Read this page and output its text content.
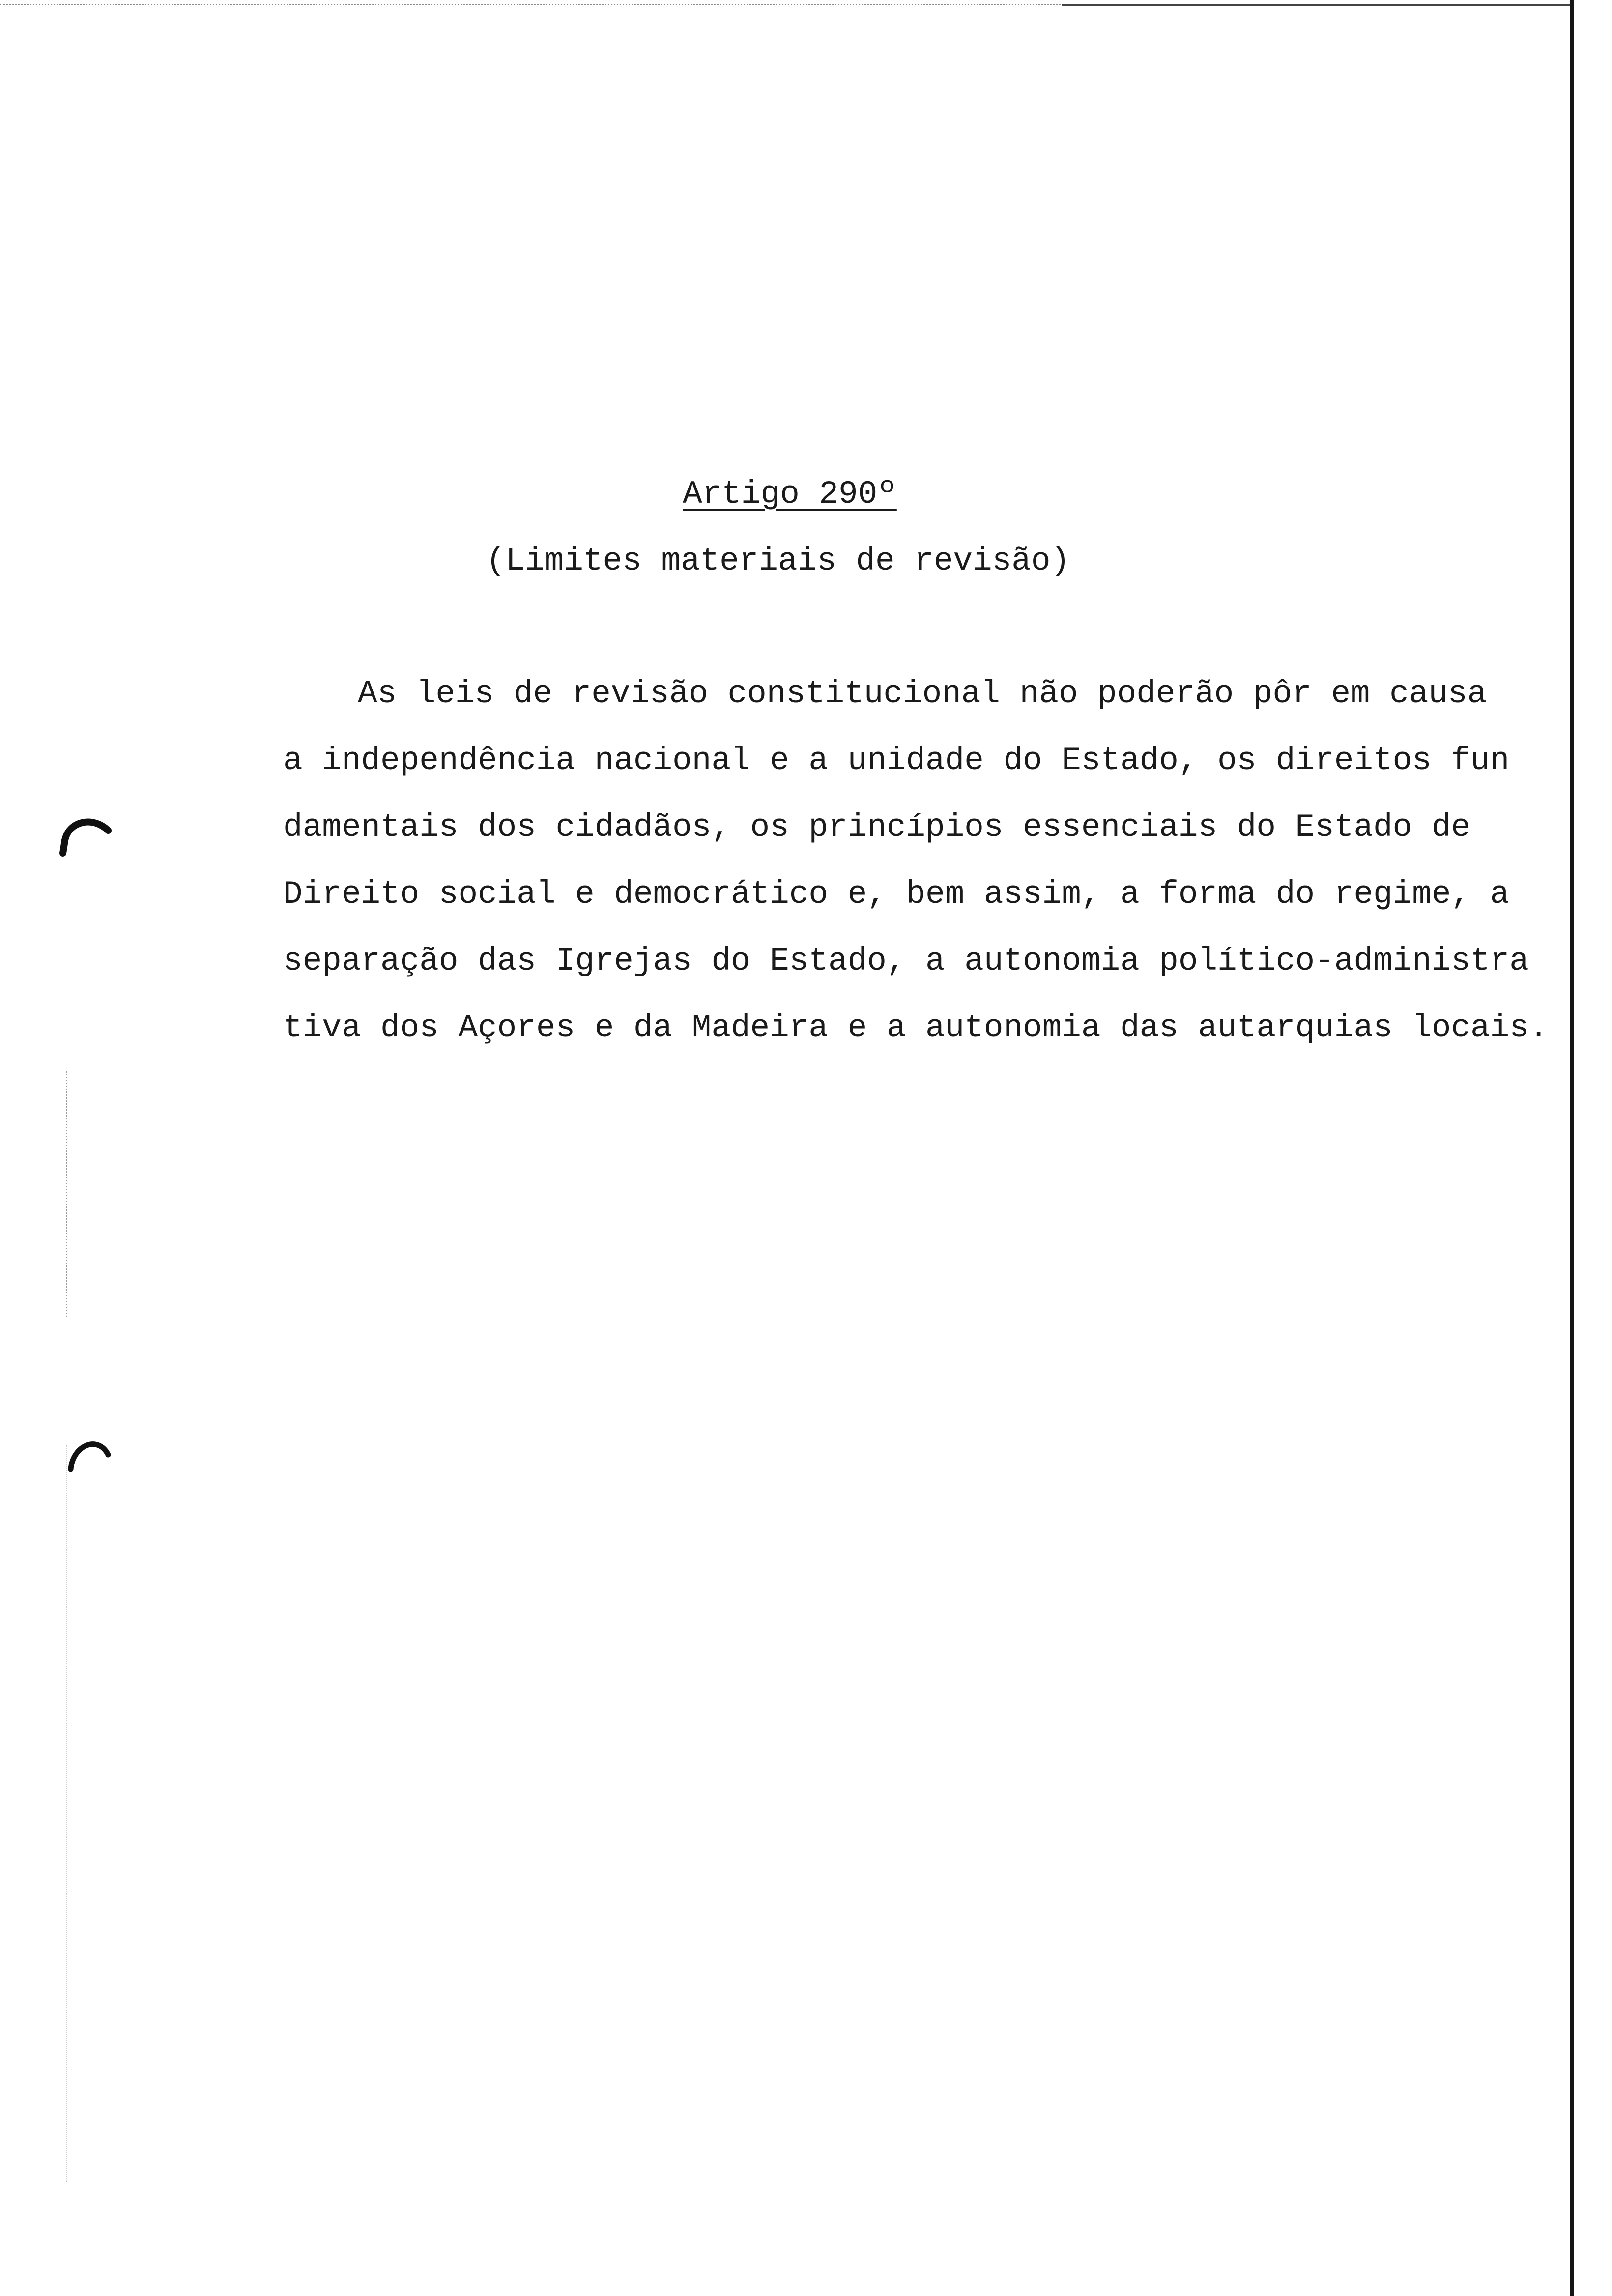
Artigo 290º
(Limites materiais de revisão)
As leis de revisão constitucional não poderão pôr em causa
a independência nacional e a unidade do Estado, os direitos fun
damentais dos cidadãos, os princípios essenciais do Estado de
Direito social e democrático e, bem assim, a forma do regime, a
separação das Igrejas do Estado, a autonomia político-administra
tiva dos Açores e da Madeira e a autonomia das autarquias locais.
